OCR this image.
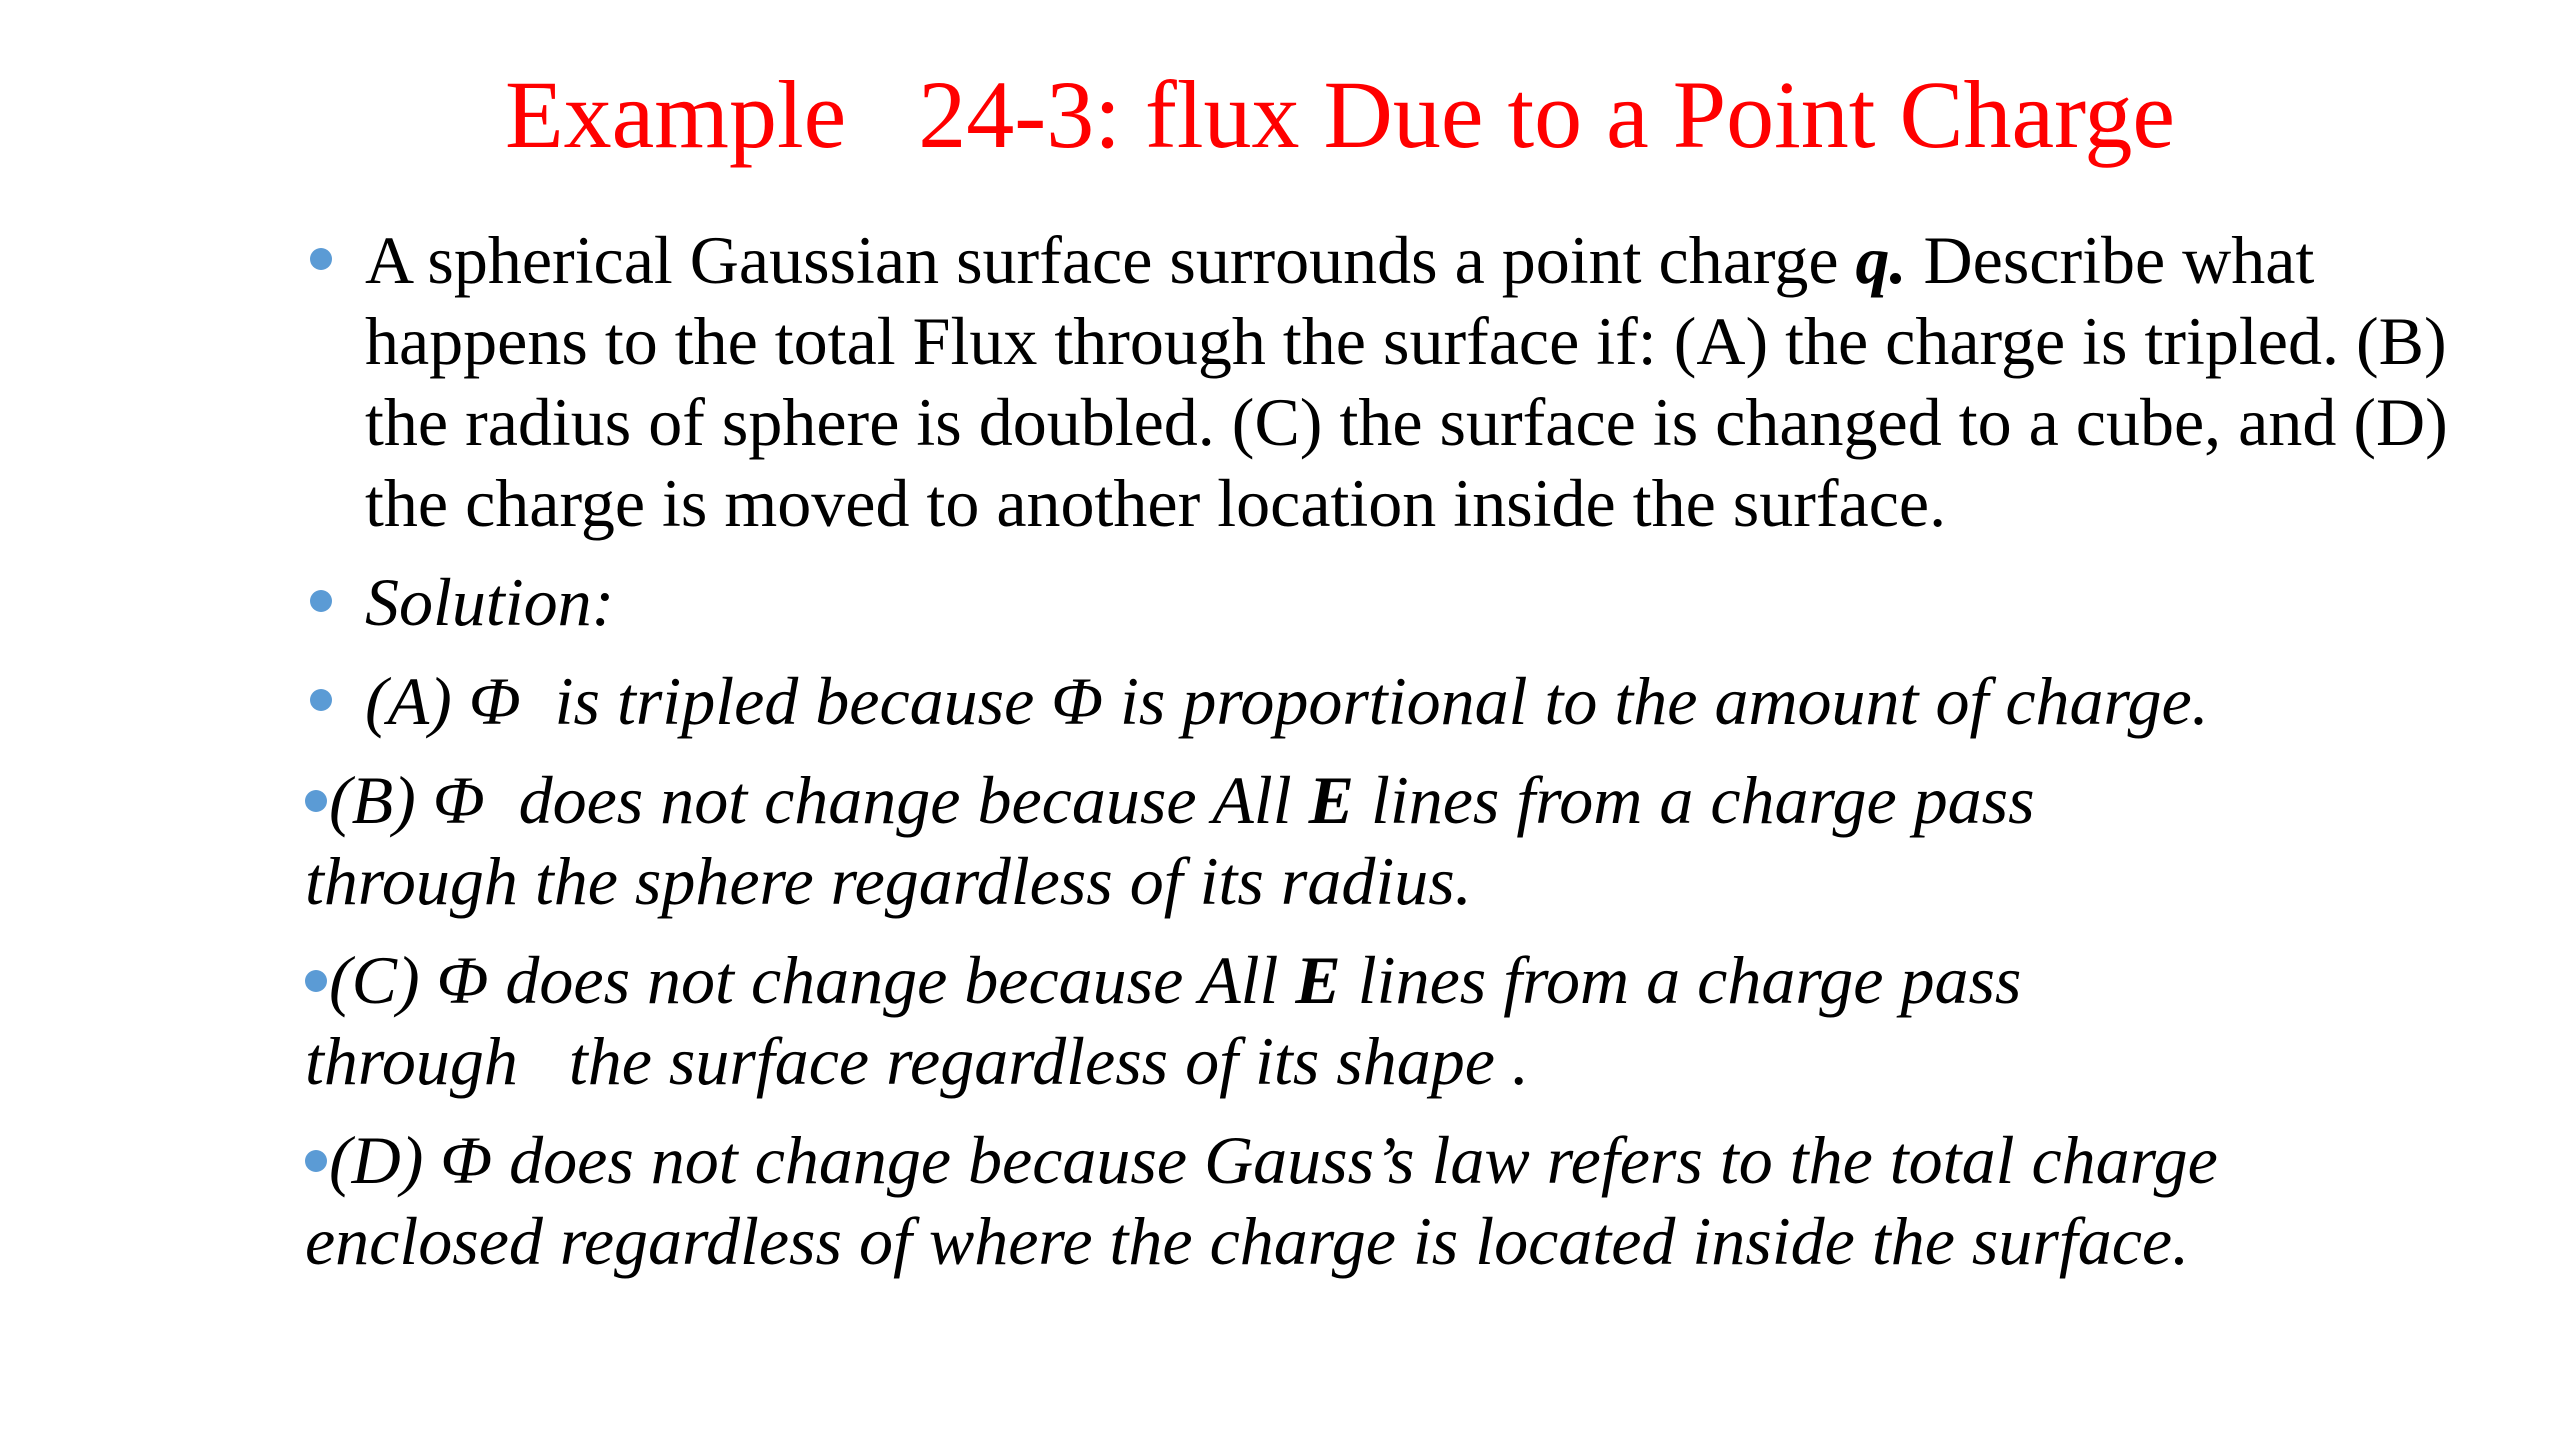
Example   24-3: flux Due to a Point Charge
A spherical Gaussian surface surrounds a point charge q. Describe what happens to the total Flux through the surface if: (A) the charge is tripled. (B) the radius of sphere is doubled. (C) the surface is changed to a cube, and (D) the charge is moved to another location inside the surface.
Solution:
(A) Φ  is tripled because Φ is proportional to the amount of charge.
(B) Φ  does not change because All E lines from a charge pass
through the sphere regardless of its radius.
(C) Φ does not change because All E lines from a charge pass
through   the surface regardless of its shape .
(D) Φ does not change because Gauss’s law refers to the total charge
enclosed regardless of where the charge is located inside the surface.
